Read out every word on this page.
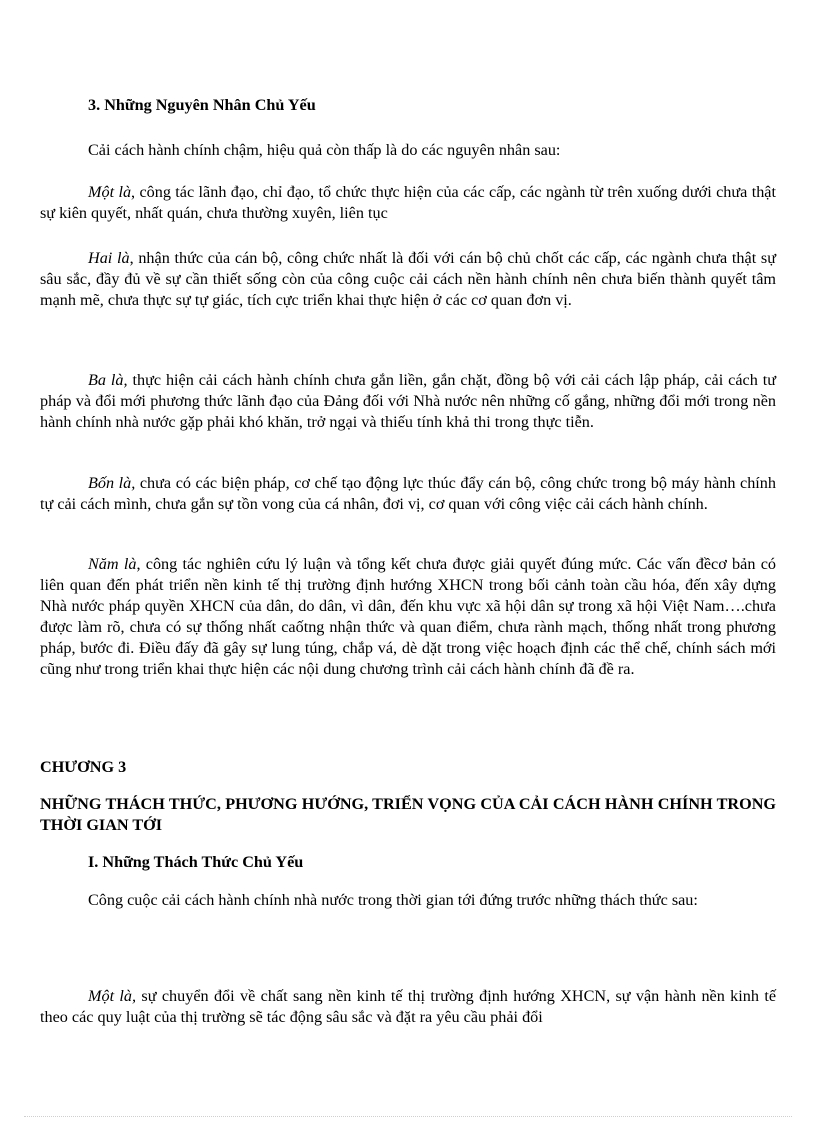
3. Những Nguyên Nhân Chủ Yếu

Cải cách hành chính chậm, hiệu quả còn thấp là do các nguyên nhân sau:

Một là, công tác lãnh đạo, chỉ đạo, tổ chức thực hiện của các cấp, các ngành từ trên xuống dưới chưa thật sự kiên quyết, nhất quán, chưa thường xuyên, liên tục

Hai là, nhận thức của cán bộ, công chức nhất là đối với cán bộ chủ chốt các cấp, các ngành chưa thật sự sâu sắc, đầy đủ về sự cần thiết sống còn của công cuộc cải cách nền hành chính nên chưa biến thành quyết tâm mạnh mẽ, chưa thực sự tự giác, tích cực triển khai thực hiện ở các cơ quan đơn vị.

Ba là, thực hiện cải cách hành chính chưa gắn liền, gắn chặt, đồng bộ với cải cách lập pháp, cải cách tư pháp và đổi mới phương thức lãnh đạo của Đảng đối với Nhà nước nên những cố gắng, những đổi mới trong nền hành chính nhà nước gặp phải khó khăn, trở ngại và thiếu tính khả thi trong thực tiễn.

Bốn là, chưa có các biện pháp, cơ chế tạo động lực thúc đẩy cán bộ, công chức trong bộ máy hành chính tự cải cách mình, chưa gắn sự tồn vong của cá nhân, đơi vị, cơ quan với công việc cải cách hành chính.

Năm là, công tác nghiên cứu lý luận và tổng kết chưa được giải quyết đúng mức. Các vấn đềcơ bản có liên quan đến phát triển nền kinh tế thị trường định hướng XHCN trong bối cảnh toàn cầu hóa, đến xây dựng Nhà nước pháp quyền XHCN của dân, do dân, vì dân, đến khu vực xã hội dân sự trong xã hội Việt Nam….chưa được làm rõ, chưa có sự thống nhất caốtng nhận thức và quan điểm, chưa rành mạch, thống nhất trong phương pháp, bước đi. Điều đấy đã gây sự lung túng, chắp vá, dè dặt trong việc hoạch định các thể chế, chính sách mới cũng như trong triển khai thực hiện các nội dung chương trình cải cách hành chính đã đề ra.

CHƯƠNG 3

NHỮNG THÁCH THỨC, PHƯƠNG HƯỚNG, TRIỂN VỌNG CỦA CẢI CÁCH HÀNH CHÍNH TRONG THỜI GIAN TỚI

I. Những Thách Thức Chủ Yếu

Công cuộc cải cách hành chính nhà nước trong thời gian tới đứng trước những thách thức sau:

Một là, sự chuyển đổi về chất sang nền kinh tế thị trường định hướng XHCN, sự vận hành nền kinh tế theo các quy luật của thị trường sẽ tác động sâu sắc và đặt ra yêu cầu phải đổi
